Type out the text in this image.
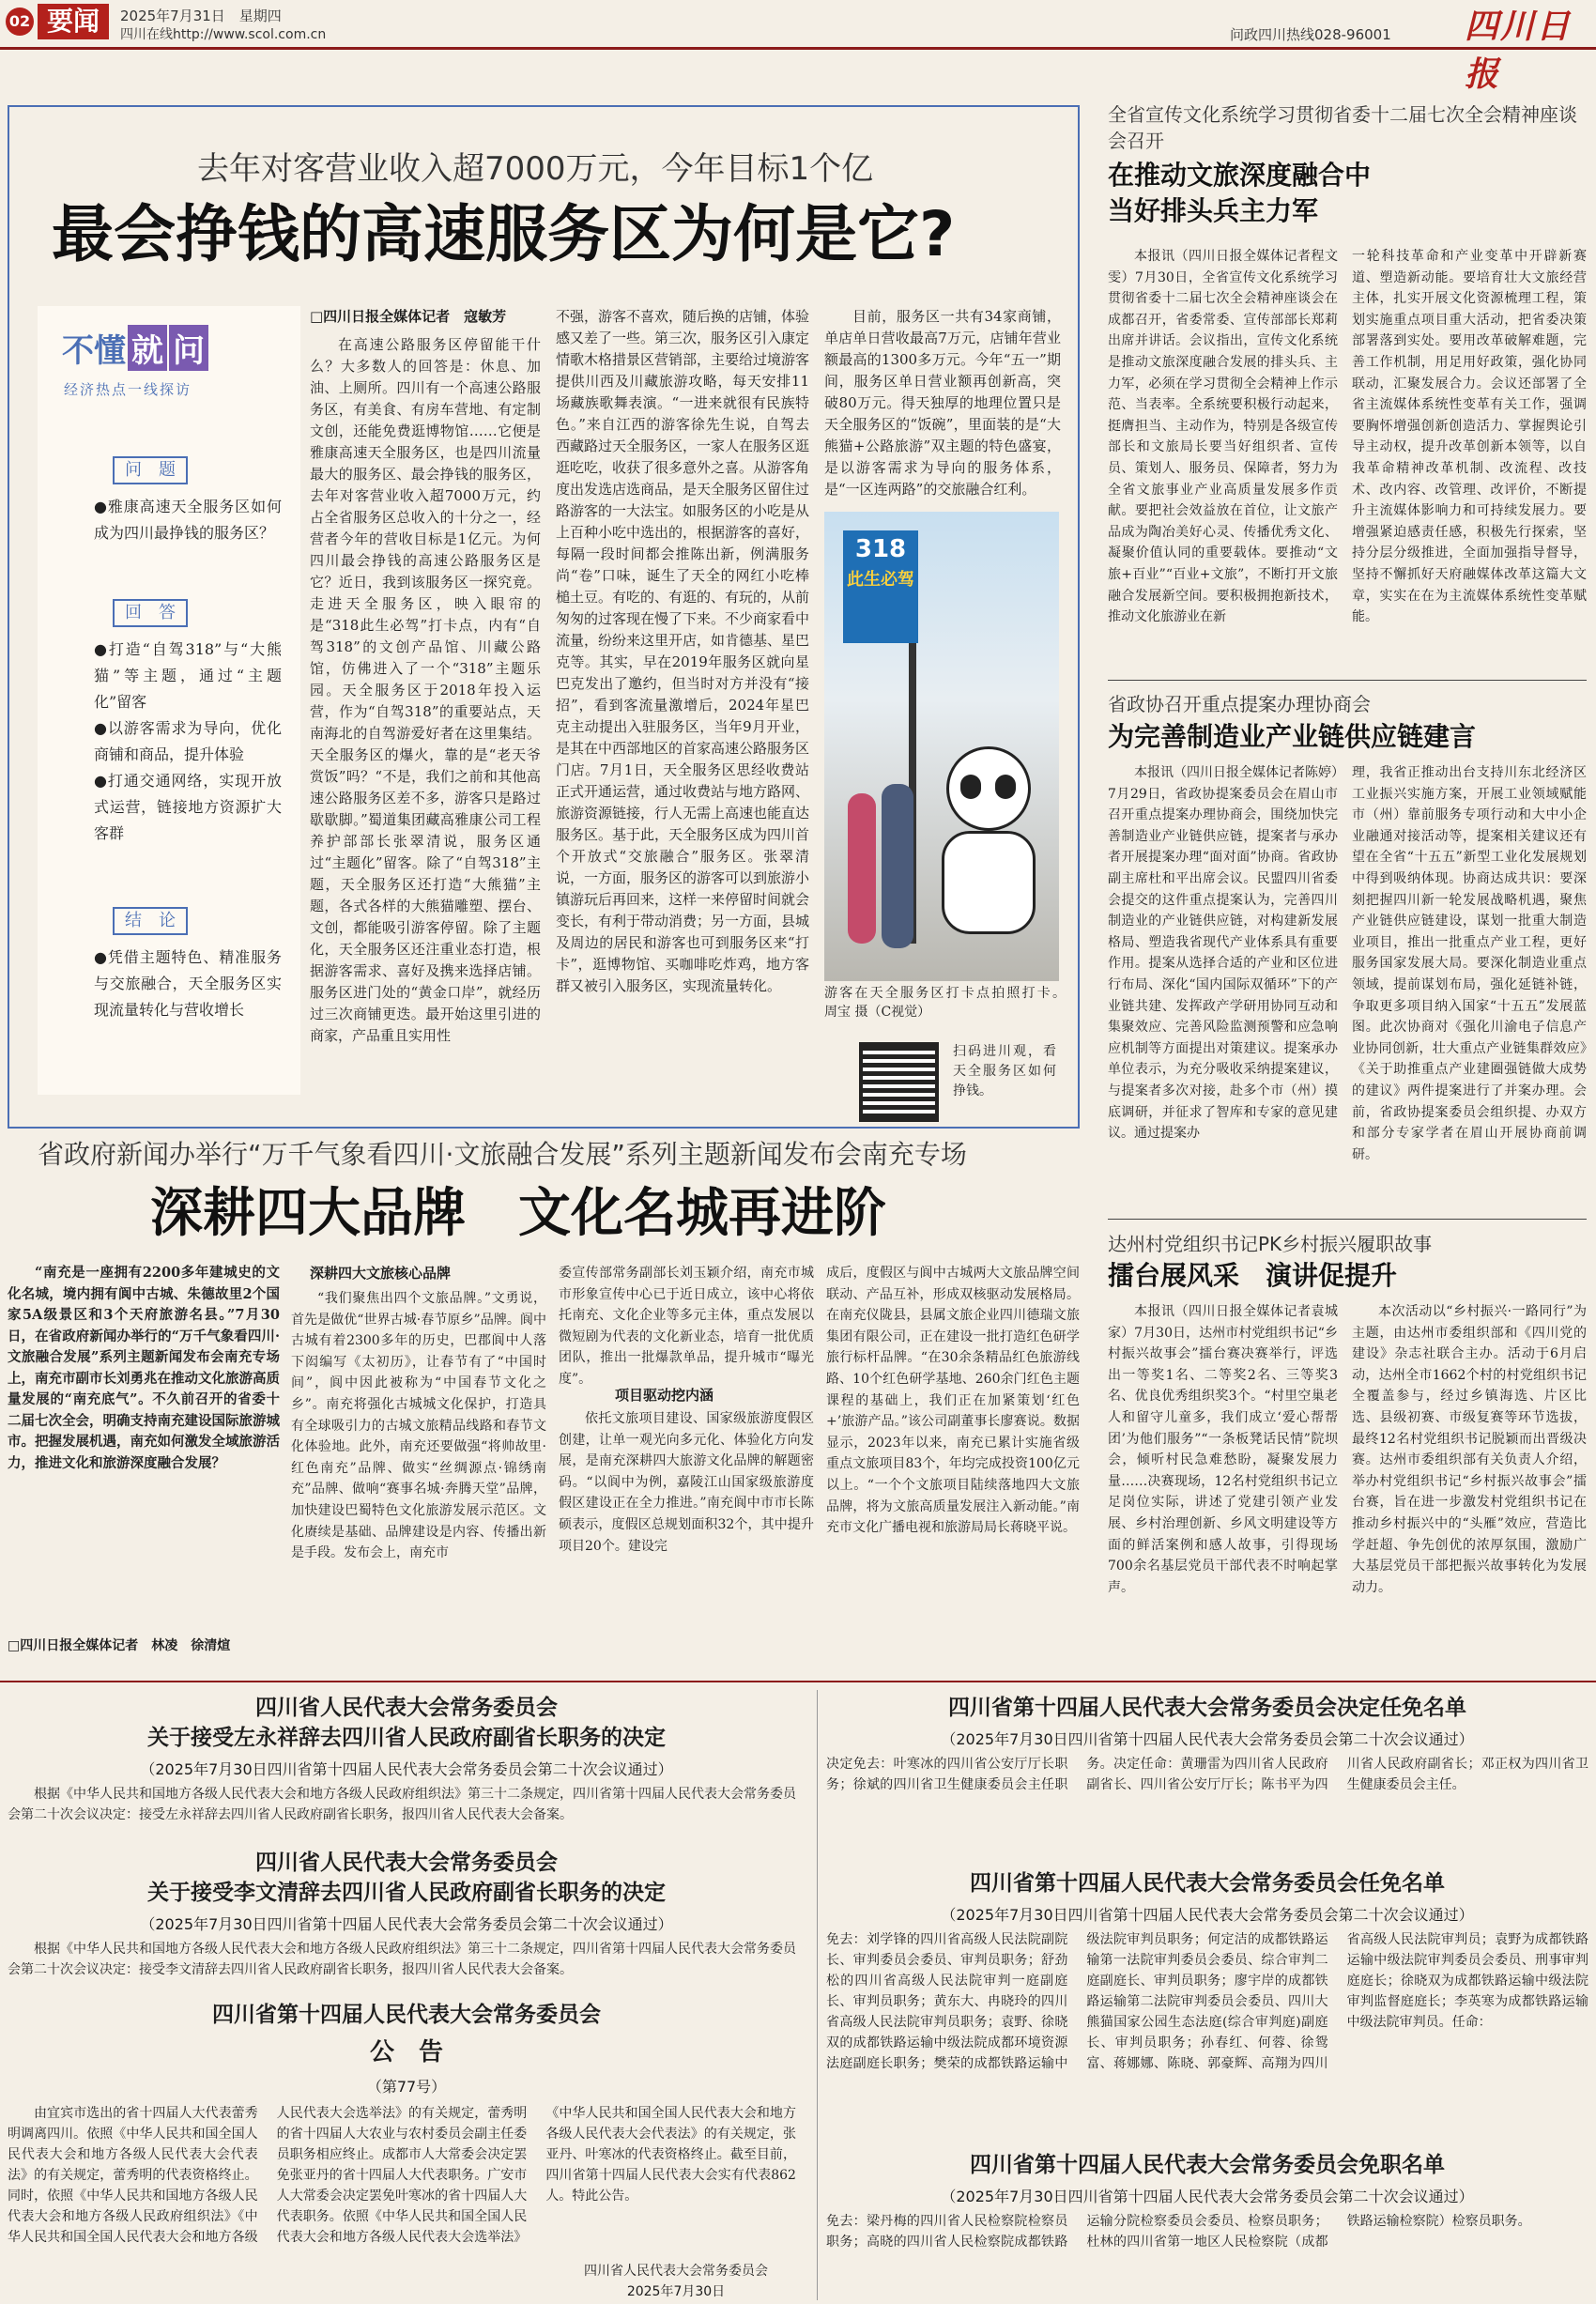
02 要闻	2025年7月31日　星期四
四川在线http://www.scol.com.cn	问政四川热线028-96001 四川日报
去年对客营业收入超7000万元，今年目标1个亿
最会挣钱的高速服务区为何是它?
不懂 就 问
经济热点一线探访
问　题
●雅康高速天全服务区如何成为四川最挣钱的服务区？
回　答
●打造“自驾318”与“大熊猫”等主题，通过“主题化”留客
●以游客需求为导向，优化商铺和商品，提升体验
●打通交通网络，实现开放式运营，链接地方资源扩大客群
结　论
●凭借主题特色、精准服务与交旅融合，天全服务区实现流量转化与营收增长
□四川日报全媒体记者　寇敏芳
在高速公路服务区停留能干什么？大多数人的回答是：休息、加油、上厕所。四川有一个高速公路服务区，有美食、有房车营地、有定制文创，还能免费逛博物馆……它便是雅康高速天全服务区，也是四川流量最大的服务区、最会挣钱的服务区，去年对客营业收入超7000万元，约占全省服务区总收入的十分之一，经营者今年的营收目标是1亿元。为何四川最会挣钱的高速公路服务区是它？近日，我到该服务区一探究竟。走进天全服务区，映入眼帘的是“318此生必驾”打卡点，内有“自驾318”的文创产品馆、川藏公路馆，仿佛进入了一个“318”主题乐园。天全服务区于2018年投入运营，作为“自驾318”的重要站点，天南海北的自驾游爱好者在这里集结。天全服务区的爆火，靠的是“老天爷赏饭”吗？“不是，我们之前和其他高速公路服务区差不多，游客只是路过歇歇脚。”蜀道集团藏高雅康公司工程养护部部长张翠清说，服务区通过“主题化”留客。除了“自驾318”主题，天全服务区还打造“大熊猫”主题，各式各样的大熊猫雕塑、摆台、文创，都能吸引游客停留。除了主题化，天全服务区还注重业态打造，根据游客需求、喜好及携来选择店铺。服务区进门处的“黄金口岸”，就经历过三次商铺更迭。最开始这里引进的商家，产品重且实用性
不强，游客不喜欢，随后换的店铺，体验感又差了一些。第三次，服务区引入康定情歌木格措景区营销部，主要给过境游客提供川西及川藏旅游攻略，每天安排11场藏族歌舞表演。“一进来就很有民族特色。”来自江西的游客徐先生说，自驾去西藏路过天全服务区，一家人在服务区逛逛吃吃，收获了很多意外之喜。从游客角度出发选店选商品，是天全服务区留住过路游客的一大法宝。如服务区的小吃是从上百种小吃中选出的，根据游客的喜好，每隔一段时间都会推陈出新，例满服务尚“卷”口味，诞生了天全的网红小吃棒槌土豆。有吃的、有逛的、有玩的，从前匆匆的过客现在慢了下来。不少商家看中流量，纷纷来这里开店，如肯德基、星巴克等。其实，早在2019年服务区就向星巴克发出了邀约，但当时对方并没有“接招”，看到客流量激增后，2024年星巴克主动提出入驻服务区，当年9月开业，是其在中西部地区的首家高速公路服务区门店。7月1日，天全服务区思经收费站正式开通运营，通过收费站与地方路网、旅游资源链接，行人无需上高速也能直达服务区。基于此，天全服务区成为四川首个开放式“交旅融合”服务区。张翠清说，一方面，服务区的游客可以到旅游小镇游玩后再回来，这样一来停留时间就会变长，有利于带动消费；另一方面，县城及周边的居民和游客也可到服务区来“打卡”，逛博物馆、买咖啡吃炸鸡，地方客群又被引入服务区，实现流量转化。
目前，服务区一共有34家商铺，单店单日营收最高7万元，店铺年营业额最高的1300多万元。今年“五一”期间，服务区单日营业额再创新高，突破80万元。得天独厚的地理位置只是天全服务区的“饭碗”，里面装的是“大熊猫+公路旅游”双主题的特色盛宴，是以游客需求为导向的服务体系，是“一区连两路”的交旅融合红利。
318
此生必驾
游客在天全服务区打卡点拍照打卡。　　　　周宝 摄（C视觉）
扫码进川观，看天全服务区如何挣钱。
全省宣传文化系统学习贯彻省委十二届七次全会精神座谈会召开
在推动文旅深度融合中
当好排头兵主力军
本报讯（四川日报全媒体记者程文雯）7月30日，全省宣传文化系统学习贯彻省委十二届七次全会精神座谈会在成都召开，省委常委、宣传部部长郑莉出席并讲话。会议指出，宣传文化系统是推动文旅深度融合发展的排头兵、主力军，必须在学习贯彻全会精神上作示范、当表率。全系统要积极行动起来，挺膺担当、主动作为，特别是各级宣传部长和文旅局长要当好组织者、宣传员、策划人、服务员、保障者，努力为全省文旅事业产业高质量发展多作贡献。要把社会效益放在首位，让文旅产品成为陶冶美好心灵、传播优秀文化、凝聚价值认同的重要载体。要推动“文旅+百业”“百业+文旅”，不断打开文旅融合发展新空间。要积极拥抱新技术，推动文化旅游业在新
一轮科技革命和产业变革中开辟新赛道、塑造新动能。要培育壮大文旅经营主体，扎实开展文化资源梳理工程，策划实施重点项目重大活动，把省委决策部署落到实处。要用改革破解难题，完善工作机制，用足用好政策，强化协同联动，汇聚发展合力。会议还部署了全省主流媒体系统性变革有关工作，强调要胸怀增强创新创造活力、掌握舆论引导主动权，提升改革创新本领等，以自我革命精神改革机制、改流程、改技术、改内容、改管理、改评价，不断提升主流媒体影响力和可持续发展力。要增强紧迫感责任感，积极先行探索，坚持分层分级推进，全面加强指导督导，坚持不懈抓好天府融媒体改革这篇大文章，实实在在为主流媒体系统性变革赋能。
省政协召开重点提案办理协商会
为完善制造业产业链供应链建言
本报讯（四川日报全媒体记者陈婷）7月29日，省政协提案委员会在眉山市召开重点提案办理协商会，围绕加快完善制造业产业链供应链，提案者与承办者开展提案办理“面对面”协商。省政协副主席杜和平出席会议。民盟四川省委会提交的这件重点提案认为，完善四川制造业的产业链供应链，对构建新发展格局、塑造我省现代产业体系具有重要作用。提案从选择合适的产业和区位进行布局、深化“国内国际双循环”下的产业链共建、发挥政产学研用协同互动和集聚效应、完善风险监测预警和应急响应机制等方面提出对策建议。提案承办单位表示，为充分吸收采纳提案建议，与提案者多次对接，赴多个市（州）摸底调研，并征求了智库和专家的意见建议。通过提案办
理，我省正推动出台支持川东北经济区工业振兴实施方案，开展工业领域赋能市（州）靠前服务专项行动和大中小企业融通对接活动等，提案相关建议还有望在全省“十五五”新型工业化发展规划中得到吸纳体现。协商达成共识：要深刻把握四川新一轮发展战略机遇，聚焦产业链供应链建设，谋划一批重大制造业项目，推出一批重点产业工程，更好服务国家发展大局。要深化制造业重点领域，提前谋划布局，强化延链补链，争取更多项目纳入国家“十五五”发展蓝图。此次协商对《强化川渝电子信息产业协同创新，壮大重点产业链集群效应》《关于助推重点产业建圈强链做大成势的建议》两件提案进行了并案办理。会前，省政协提案委员会组织提、办双方和部分专家学者在眉山开展协商前调研。
达州村党组织书记PK乡村振兴履职故事
擂台展风采　演讲促提升
本报讯（四川日报全媒体记者袁城家）7月30日，达州市村党组织书记“乡村振兴故事会”擂台赛决赛举行，评选出一等奖1名、二等奖2名、三等奖3名、优良优秀组织奖3个。“村里空巢老人和留守儿童多，我们成立‘爱心帮帮团’为他们服务”“一条板凳话民情”院坝会，倾听村民急难愁盼，凝聚发展力量……决赛现场，12名村党组织书记立足岗位实际，讲述了党建引领产业发展、乡村治理创新、乡风文明建设等方面的鲜活案例和感人故事，引得现场700余名基层党员干部代表不时响起掌声。
本次活动以“乡村振兴·一路同行”为主题，由达州市委组织部和《四川党的建设》杂志社联合主办。活动于6月启动，达州全市1662个村的村党组织书记全覆盖参与，经过乡镇海选、片区比选、县级初赛、市级复赛等环节选拔，最终12名村党组织书记脱颖而出晋级决赛。达州市委组织部有关负责人介绍，举办村党组织书记“乡村振兴故事会”擂台赛，旨在进一步激发村党组织书记在推动乡村振兴中的“头雁”效应，营造比学赶超、争先创优的浓厚氛围，激励广大基层党员干部把振兴故事转化为发展动力。
省政府新闻办举行“万千气象看四川·文旅融合发展”系列主题新闻发布会南充专场
深耕四大品牌　文化名城再进阶
“南充是一座拥有2200多年建城史的文化名城，境内拥有阆中古城、朱德故里2个国家5A级景区和3个天府旅游名县。”7月30日，在省政府新闻办举行的“万千气象看四川·文旅融合发展”系列主题新闻发布会南充专场上，南充市副市长刘勇兆在推动文化旅游高质量发展的“南充底气”。不久前召开的省委十二届七次全会，明确支持南充建设国际旅游城市。把握发展机遇，南充如何激发全域旅游活力，推进文化和旅游深度融合发展？
□四川日报全媒体记者　林凌　徐清煊
深耕四大文旅核心品牌
“我们聚焦出四个文旅品牌。”文勇说，首先是做优“世界古城·春节原乡”品牌。阆中古城有着2300多年的历史，巴郡阆中人落下闳编写《太初历》，让春节有了“中国时间”，阆中因此被称为“中国春节文化之乡”。南充将强化古城城文化保护，打造具有全球吸引力的古城文旅精品线路和春节文化体验地。此外，南充还要做强“将帅故里·红色南充”品牌、做实“丝绸源点·锦绣南充”品牌、做响“赛事名城·奔腾天堂”品牌，加快建设巴蜀特色文化旅游发展示范区。文化赓续是基础、品牌建设是内容、传播出新是手段。发布会上，南充市
委宣传部常务副部长刘玉颖介绍，南充市城市形象宣传中心已于近日成立，该中心将依托南充、文化企业等多元主体，重点发展以微短剧为代表的文化新业态，培育一批优质团队，推出一批爆款单品，提升城市“曝光度”。
项目驱动挖内涵
依托文旅项目建设、国家级旅游度假区创建，让单一观光向多元化、体验化方向发展，是南充深耕四大旅游文化品牌的解题密码。“以阆中为例，嘉陵江山国家级旅游度假区建设正在全力推进。”南充阆中市市长陈硕表示，度假区总规划面积32个，其中提升项目20个。建设完
成后，度假区与阆中古城两大文旅品牌空间联动、产品互补，形成双核驱动发展格局。在南充仪陇县，县属文旅企业四川德瑞文旅集团有限公司，正在建设一批打造红色研学旅行标杆品牌。“在30余条精品红色旅游线路、10个红色研学基地、260余门红色主题课程的基础上，我们正在加紧策划‘红色+’旅游产品。”该公司副董事长廖赛说。数据显示，2023年以来，南充已累计实施省级重点文旅项目83个，年均完成投资100亿元以上。“一个个文旅项目陆续落地四大文旅品牌，将为文旅高质量发展注入新动能。”南充市文化广播电视和旅游局局长蒋晓平说。
四川省人民代表大会常务委员会
关于接受左永祥辞去四川省人民政府副省长职务的决定
（2025年7月30日四川省第十四届人民代表大会常务委员会第二十次会议通过）
根据《中华人民共和国地方各级人民代表大会和地方各级人民政府组织法》第三十二条规定，四川省第十四届人民代表大会常务委员会第二十次会议决定：接受左永祥辞去四川省人民政府副省长职务，报四川省人民代表大会备案。
四川省人民代表大会常务委员会
关于接受李文清辞去四川省人民政府副省长职务的决定
（2025年7月30日四川省第十四届人民代表大会常务委员会第二十次会议通过）
根据《中华人民共和国地方各级人民代表大会和地方各级人民政府组织法》第三十二条规定，四川省第十四届人民代表大会常务委员会第二十次会议决定：接受李文清辞去四川省人民政府副省长职务，报四川省人民代表大会备案。
四川省第十四届人民代表大会常务委员会
公　告
（第77号）
由宜宾市选出的省十四届人大代表蕾秀明调离四川。依照《中华人民共和国全国人民代表大会和地方各级人民代表大会代表法》的有关规定，蕾秀明的代表资格终止。同时，依照《中华人民共和国地方各级人民代表大会和地方各级人民政府组织法》《中华人民共和国全国人民代表大会和地方各级人民代表大会选举法》的有关规定，蕾秀明的省十四届人大农业与农村委员会副主任委员职务相应终止。成都市人大常委会决定罢免张亚丹的省十四届人大代表职务。广安市人大常委会决定罢免叶寒冰的省十四届人大代表职务。依照《中华人民共和国全国人民代表大会和地方各级人民代表大会选举法》《中华人民共和国全国人民代表大会和地方各级人民代表大会代表法》的有关规定，张亚丹、叶寒冰的代表资格终止。截至目前，四川省第十四届人民代表大会实有代表862人。特此公告。
四川省人民代表大会常务委员会
2025年7月30日
四川省第十四届人民代表大会常务委员会决定任免名单
（2025年7月30日四川省第十四届人民代表大会常务委员会第二十次会议通过）
决定免去：叶寒冰的四川省公安厅厅长职务；徐斌的四川省卫生健康委员会主任职务。决定任命：黄珊雷为四川省人民政府副省长、四川省公安厅厅长；陈书平为四川省人民政府副省长；邓正权为四川省卫生健康委员会主任。
四川省第十四届人民代表大会常务委员会任免名单
（2025年7月30日四川省第十四届人民代表大会常务委员会第二十次会议通过）
免去：刘学锋的四川省高级人民法院副院长、审判委员会委员、审判员职务；舒劲松的四川省高级人民法院审判一庭副庭长、审判员职务；黄东大、冉晓玲的四川省高级人民法院审判员职务；袁野、徐晓双的成都铁路运输中级法院成都环境资源法庭副庭长职务；樊荣的成都铁路运输中级法院审判员职务；何定洁的成都铁路运输第一法院审判委员会委员、综合审判二庭副庭长、审判员职务；廖宇岸的成都铁路运输第二法院审判委员会委员、四川大熊猫国家公园生态法庭(综合审判庭)副庭长、审判员职务；孙春红、何蓉、徐鸳富、蒋娜娜、陈晓、郭豪辉、高翔为四川省高级人民法院审判员；袁野为成都铁路运输中级法院审判委员会委员、刑事审判庭庭长；徐晓双为成都铁路运输中级法院审判监督庭庭长；李英寒为成都铁路运输中级法院审判员。任命：
四川省第十四届人民代表大会常务委员会免职名单
（2025年7月30日四川省第十四届人民代表大会常务委员会第二十次会议通过）
免去：梁丹梅的四川省人民检察院检察员职务；高晓的四川省人民检察院成都铁路运输分院检察委员会委员、检察员职务；杜林的四川省第一地区人民检察院（成都铁路运输检察院）检察员职务。
